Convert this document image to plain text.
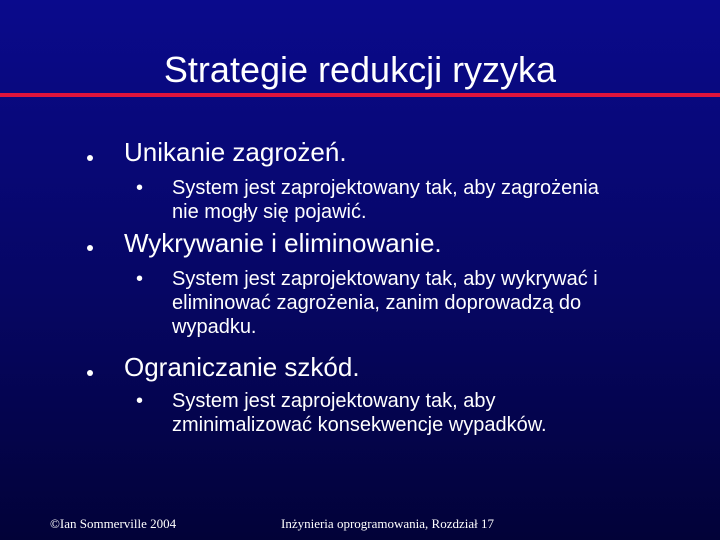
Strategie redukcji ryzyka
Unikanie zagrożeń.
• System jest zaprojektowany tak, aby zagrożenia
nie mogły się pojawić.
Wykrywanie i eliminowanie.
• System jest zaprojektowany tak, aby wykrywać i
eliminować zagrożenia, zanim doprowadzą do
wypadku.
Ograniczanie szkód.
• System jest zaprojektowany tak, aby
zminimalizować konsekwencje wypadków.
©Ian Sommerville 2004	Inżynieria oprogramowania, Rozdział 17
